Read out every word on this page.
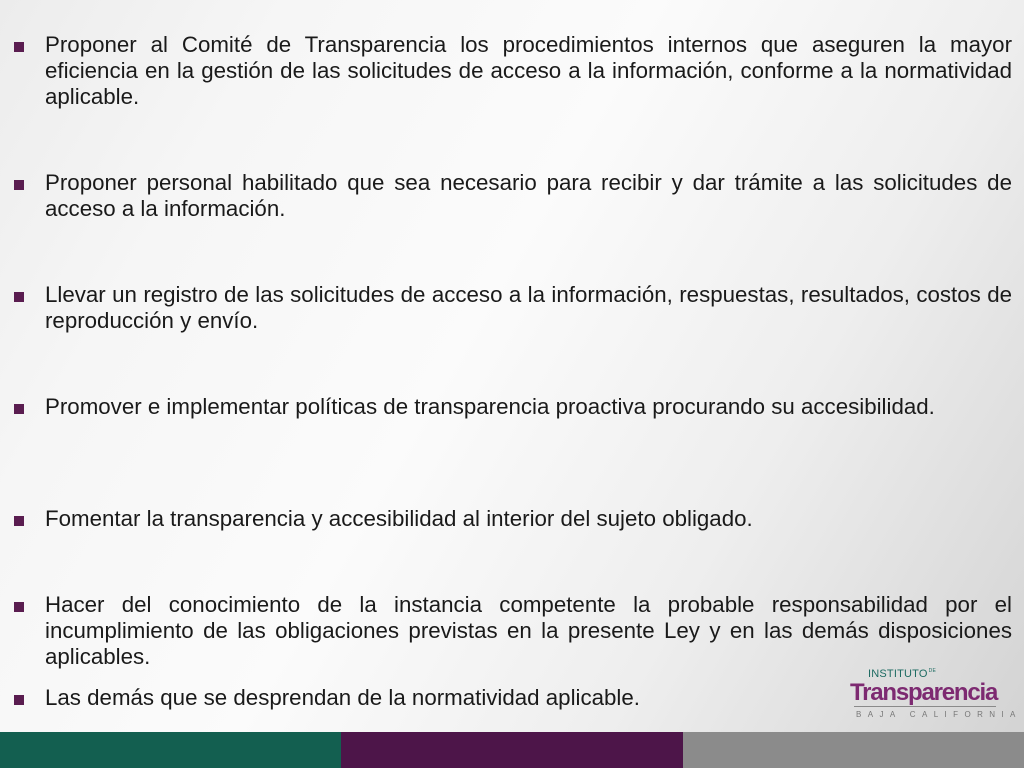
Proponer al Comité de Transparencia los procedimientos internos que aseguren la mayor eficiencia en la gestión de las solicitudes de acceso a la información, conforme a la normatividad aplicable.
Proponer personal habilitado que sea necesario para recibir y dar trámite a las solicitudes de acceso a la información.
Llevar un registro de las solicitudes de acceso a la información, respuestas, resultados, costos de reproducción y envío.
Promover e implementar políticas de transparencia proactiva procurando su accesibilidad.
Fomentar la transparencia y accesibilidad al interior del sujeto obligado.
Hacer del conocimiento de la instancia competente la probable responsabilidad por el incumplimiento de las obligaciones previstas en la presente Ley y en las demás disposiciones aplicables.
Las demás que se desprendan de la normatividad aplicable.
$INSTITUTO^{DE}$
Transparencia
BAJA CALIFORNIA
